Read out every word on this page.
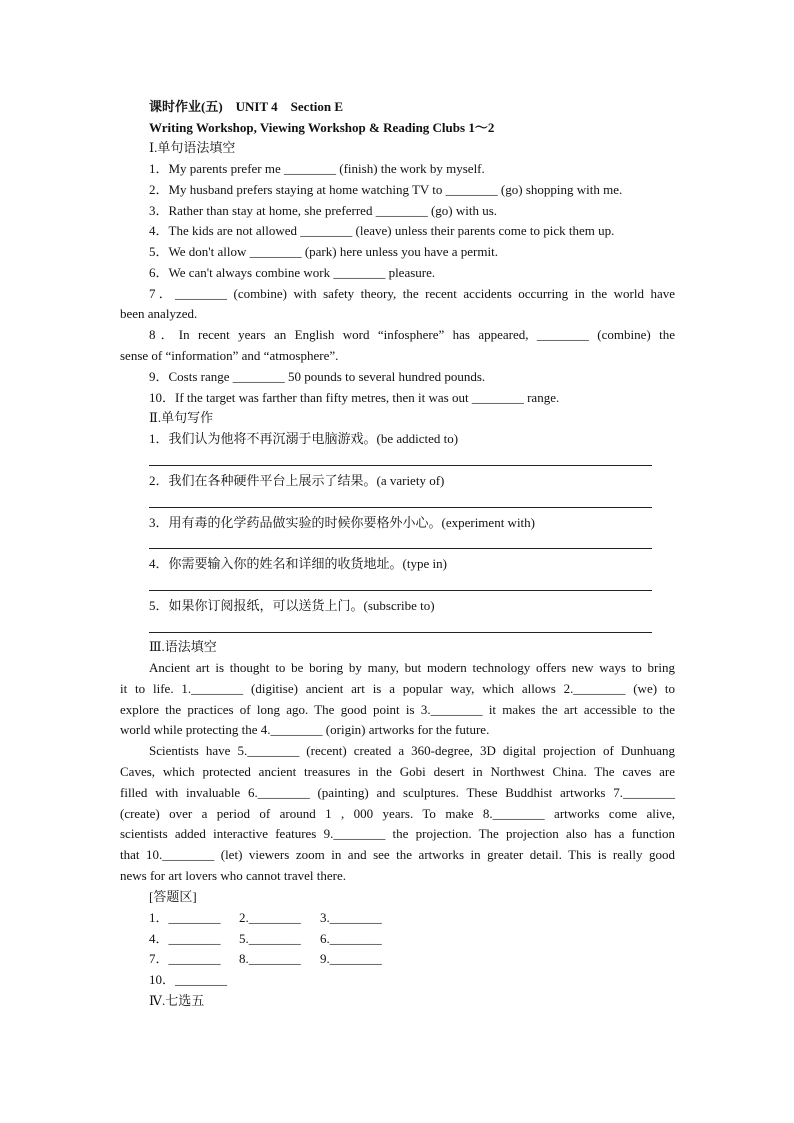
课时作业(五)　UNIT 4　Section E
Writing Workshop, Viewing Workshop & Reading Clubs 1～2
Ⅰ.单句语法填空
1．My parents prefer me ________ (finish) the work by myself.
2．My husband prefers staying at home watching TV to ________ (go) shopping with me.
3．Rather than stay at home, she preferred ________ (go) with us.
4．The kids are not allowed ________ (leave) unless their parents come to pick them up.
5．We don't allow ________ (park) here unless you have a permit.
6．We can't always combine work ________ pleasure.
7．________ (combine) with safety theory, the recent accidents occurring in the world have
been analyzed.
8．In recent years an English word “infosphere” has appeared, ________ (combine) the
sense of “information” and “atmosphere”.
9．Costs range ________ 50 pounds to several hundred pounds.
10．If the target was farther than fifty metres, then it was out ________ range.
Ⅱ.单句写作
1．我们认为他将不再沉溺于电脑游戏。(be addicted to)
2．我们在各种硬件平台上展示了结果。(a variety of)
3．用有毒的化学药品做实验的时候你要格外小心。(experiment with)
4．你需要输入你的姓名和详细的收货地址。(type in)
5．如果你订阅报纸，可以送货上门。(subscribe to)
Ⅲ.语法填空
Ancient art is thought to be boring by many, but modern technology offers new ways to bring
it to life. 1.________ (digitise) ancient art is a popular way, which allows 2.________ (we) to
explore the practices of long ago. The good point is 3.________ it makes the art accessible to the
world while protecting the 4.________ (origin) artworks for the future.
Scientists have 5.________ (recent) created a 360-degree, 3D digital projection of Dunhuang
Caves, which protected ancient treasures in the Gobi desert in Northwest China. The caves are
filled with invaluable 6.________ (painting) and sculptures. These Buddhist artworks 7.________
(create) over a period of around 1 , 000 years. To make 8.________ artworks come alive,
scientists added interactive features 9.________ the projection. The projection also has a function
that 10.________ (let) viewers zoom in and see the artworks in greater detail. This is really good
news for art lovers who cannot travel there.
[答题区]
1．________ 2.________ 3.________
4．________ 5.________ 6.________
7．________ 8.________ 9.________
10．________
Ⅳ.七选五
